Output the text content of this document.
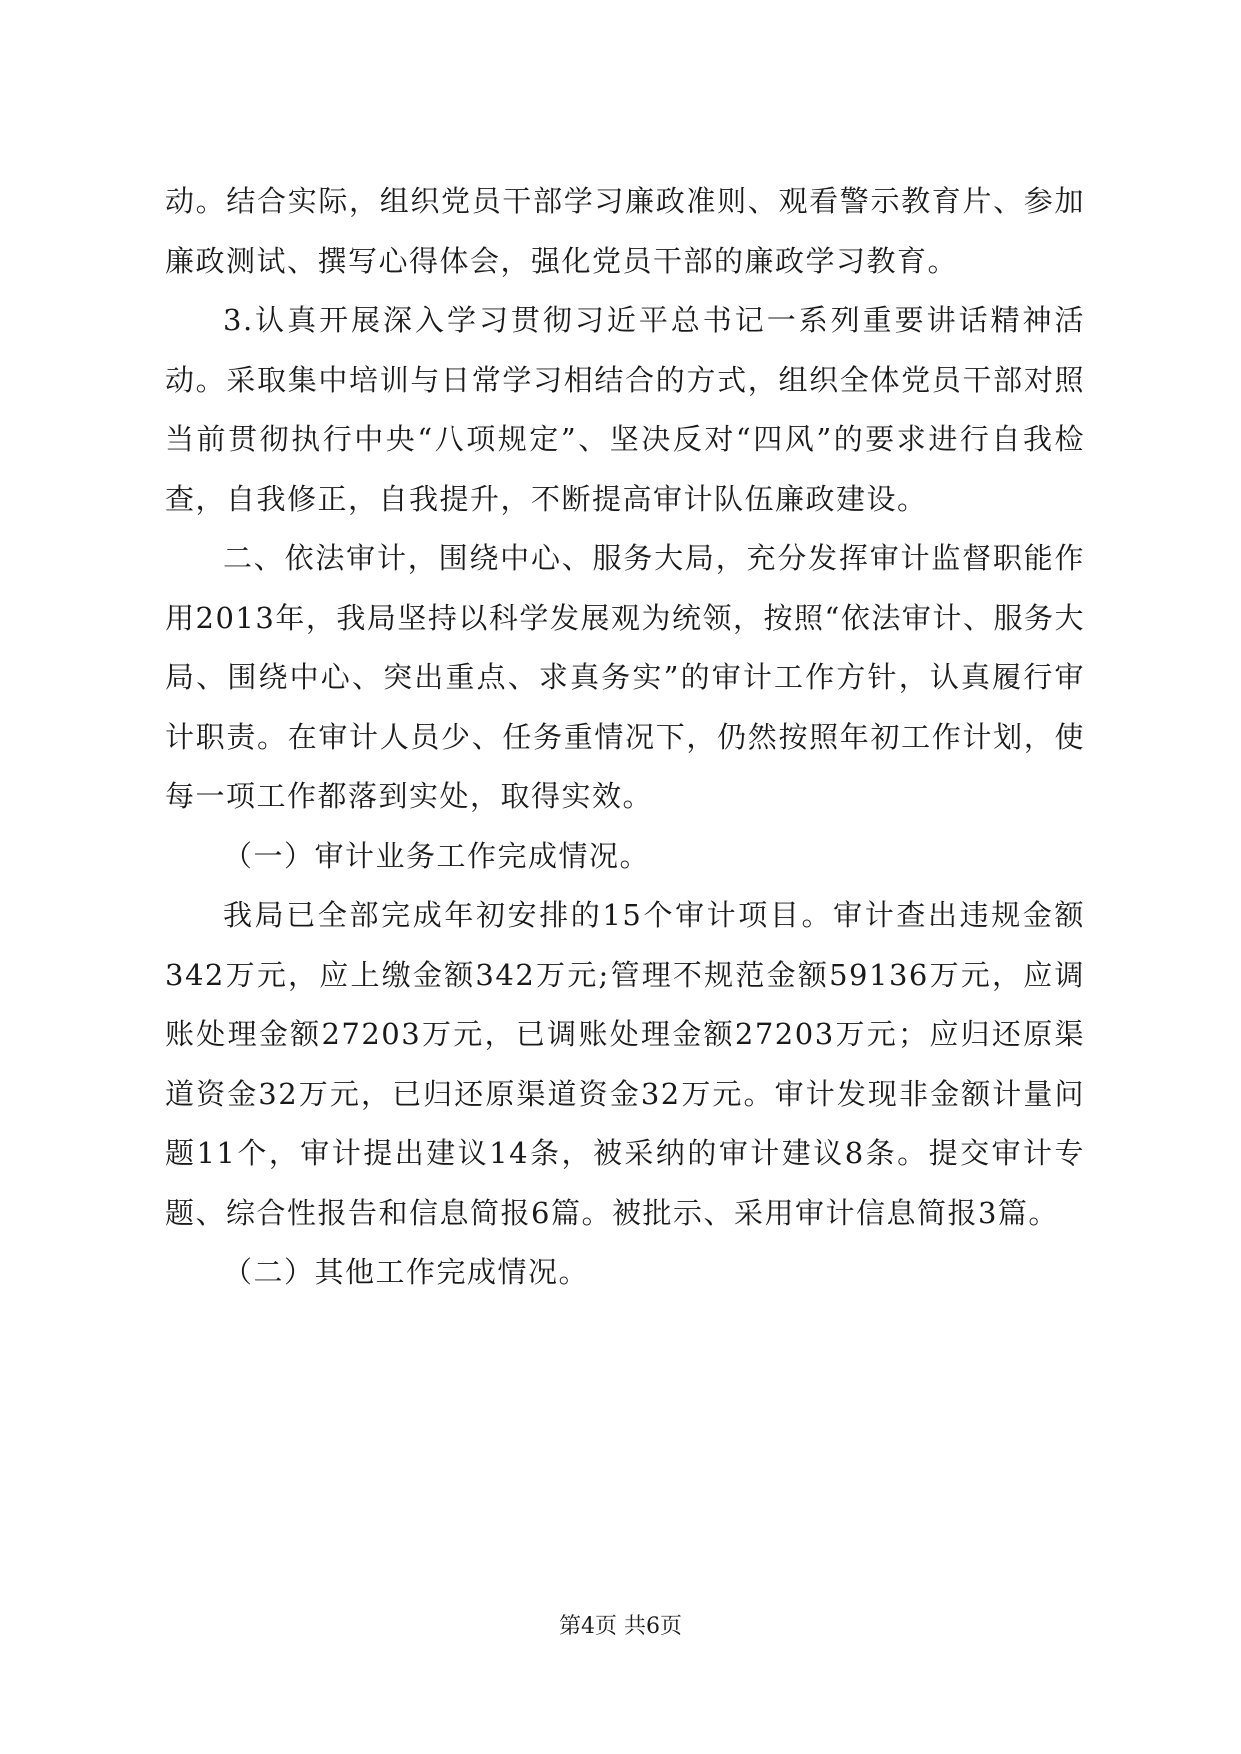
动。结合实际，组织党员干部学习廉政准则、观看警示教育片、参加廉政测试、撰写心得体会，强化党员干部的廉政学习教育。

3.认真开展深入学习贯彻习近平总书记一系列重要讲话精神活动。采取集中培训与日常学习相结合的方式，组织全体党员干部对照当前贯彻执行中央“八项规定”、坚决反对“四风”的要求进行自我检查，自我修正，自我提升，不断提高审计队伍廉政建设。

二、依法审计，围绕中心、服务大局，充分发挥审计监督职能作用2013年，我局坚持以科学发展观为统领，按照“依法审计、服务大局、围绕中心、突出重点、求真务实”的审计工作方针，认真履行审计职责。在审计人员少、任务重情况下，仍然按照年初工作计划，使每一项工作都落到实处，取得实效。

（一）审计业务工作完成情况。

我局已全部完成年初安排的15个审计项目。审计查出违规金额342万元，应上缴金额342万元;管理不规范金额59136万元，应调账处理金额27203万元，已调账处理金额27203万元；应归还原渠道资金32万元，已归还原渠道资金32万元。审计发现非金额计量问题11个，审计提出建议14条，被采纳的审计建议8条。提交审计专题、综合性报告和信息简报6篇。被批示、采用审计信息简报3篇。

（二）其他工作完成情况。

第4页 共6页
